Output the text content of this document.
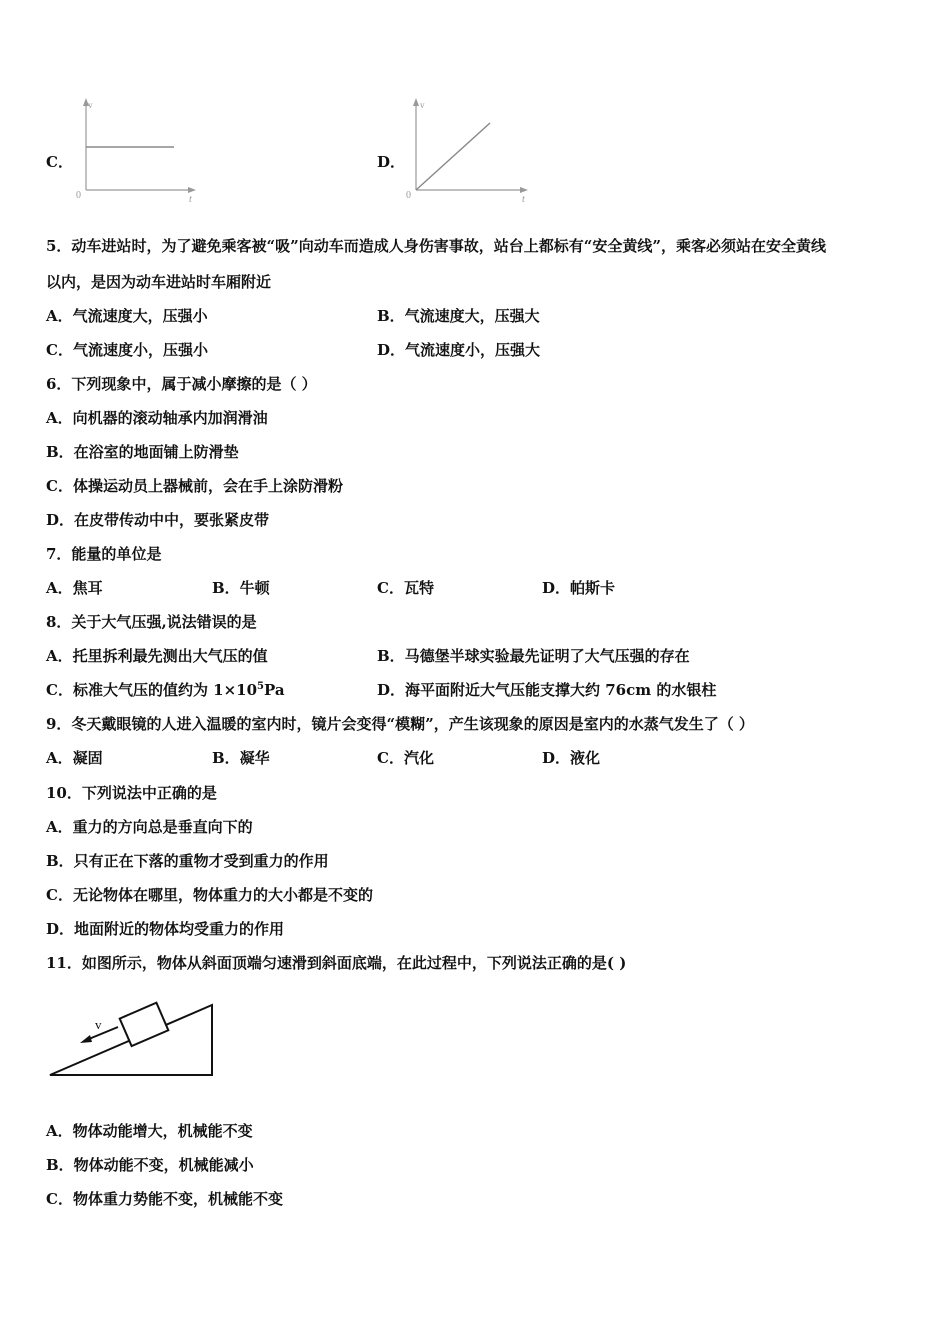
C．
v
t
0
D．
v
t
0
5．动车进站时，为了避免乘客被“吸”向动车而造成人身伤害事故，站台上都标有“安全黄线”，乘客必须站在安全黄线
以内，是因为动车进站时车厢附近
A．气流速度大，压强小	B．气流速度大，压强大
C．气流速度小，压强小	D．气流速度小，压强大
6．下列现象中，属于减小摩擦的是（ ）
A．向机器的滚动轴承内加润滑油
B．在浴室的地面铺上防滑垫
C．体操运动员上器械前，会在手上涂防滑粉
D．在皮带传动中中，要张紧皮带
7．能量的单位是
A．焦耳	B．牛顿	C．瓦特	D．帕斯卡
8．关于大气压强,说法错误的是
A．托里拆利最先测出大气压的值	B．马德堡半球实验最先证明了大气压强的存在
C．标准大气压的值约为 $1\times 10^5Pa$	D．海平面附近大气压能支撑大约 76cm 的水银柱
9．冬天戴眼镜的人进入温暖的室内时，镜片会变得“模糊”，产生该现象的原因是室内的水蒸气发生了（ ）
A．凝固	B．凝华	C．汽化	D．液化
10．下列说法中正确的是
A．重力的方向总是垂直向下的
B．只有正在下落的重物才受到重力的作用
C．无论物体在哪里，物体重力的大小都是不变的
D．地面附近的物体均受重力的作用
11．如图所示，物体从斜面顶端匀速滑到斜面底端，在此过程中，下列说法正确的是( )
v
A．物体动能增大，机械能不变
B．物体动能不变，机械能减小
C．物体重力势能不变，机械能不变
